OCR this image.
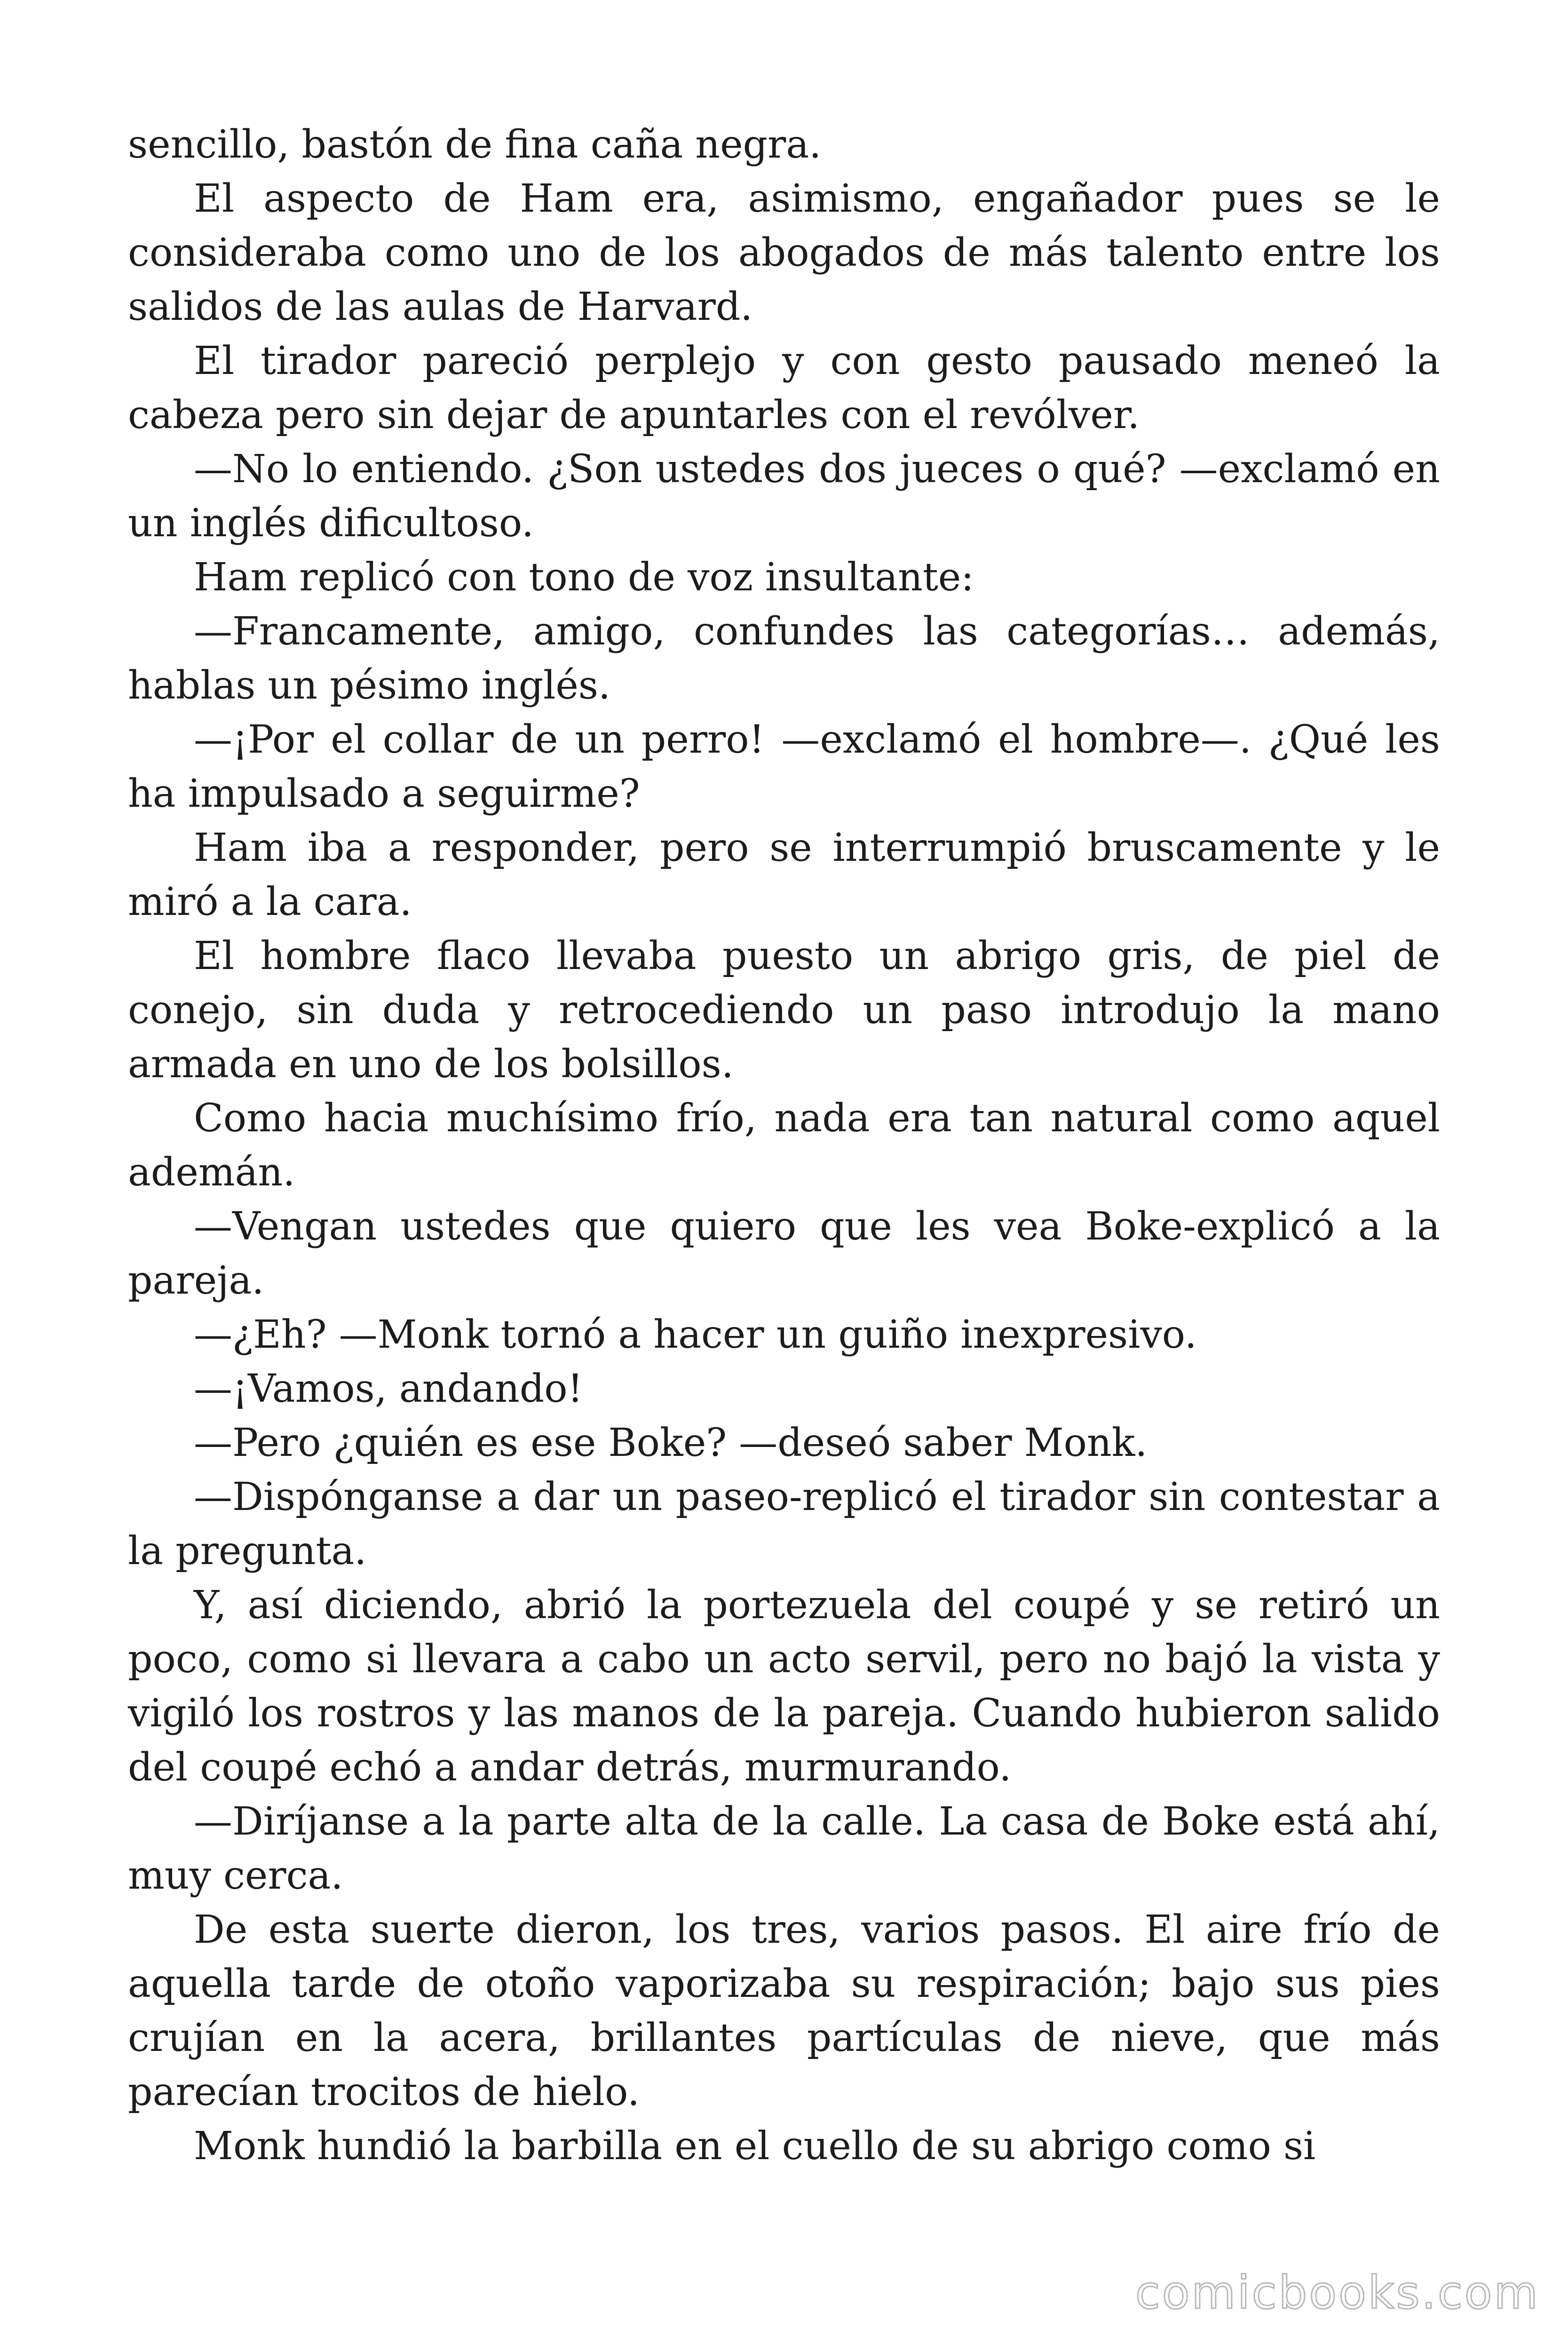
sencillo, bastón de fina caña negra.

El aspecto de Ham era, asimismo, engañador pues se le consideraba como uno de los abogados de más talento entre los salidos de las aulas de Harvard.

El tirador pareció perplejo y con gesto pausado meneó la cabeza pero sin dejar de apuntarles con el revólver.

—No lo entiendo. ¿Son ustedes dos jueces o qué? —exclamó en un inglés dificultoso.

Ham replicó con tono de voz insultante:

—Francamente, amigo, confundes las categorías… además, hablas un pésimo inglés.

—¡Por el collar de un perro! —exclamó el hombre—. ¿Qué les ha impulsado a seguirme?

Ham iba a responder, pero se interrumpió bruscamente y le miró a la cara.

El hombre flaco llevaba puesto un abrigo gris, de piel de conejo, sin duda y retrocediendo un paso introdujo la mano armada en uno de los bolsillos.

Como hacia muchísimo frío, nada era tan natural como aquel ademán.

—Vengan ustedes que quiero que les vea Boke-explicó a la pareja.

—¿Eh? —Monk tornó a hacer un guiño inexpresivo.

—¡Vamos, andando!

—Pero ¿quién es ese Boke? —deseó saber Monk.

—Dispónganse a dar un paseo-replicó el tirador sin contestar a la pregunta.

Y, así diciendo, abrió la portezuela del coupé y se retiró un poco, como si llevara a cabo un acto servil, pero no bajó la vista y vigiló los rostros y las manos de la pareja. Cuando hubieron salido del coupé echó a andar detrás, murmurando.

—Diríjanse a la parte alta de la calle. La casa de Boke está ahí, muy cerca.

De esta suerte dieron, los tres, varios pasos. El aire frío de aquella tarde de otoño vaporizaba su respiración; bajo sus pies crujían en la acera, brillantes partículas de nieve, que más parecían trocitos de hielo.

Monk hundió la barbilla en el cuello de su abrigo como si

comicbooks.com
